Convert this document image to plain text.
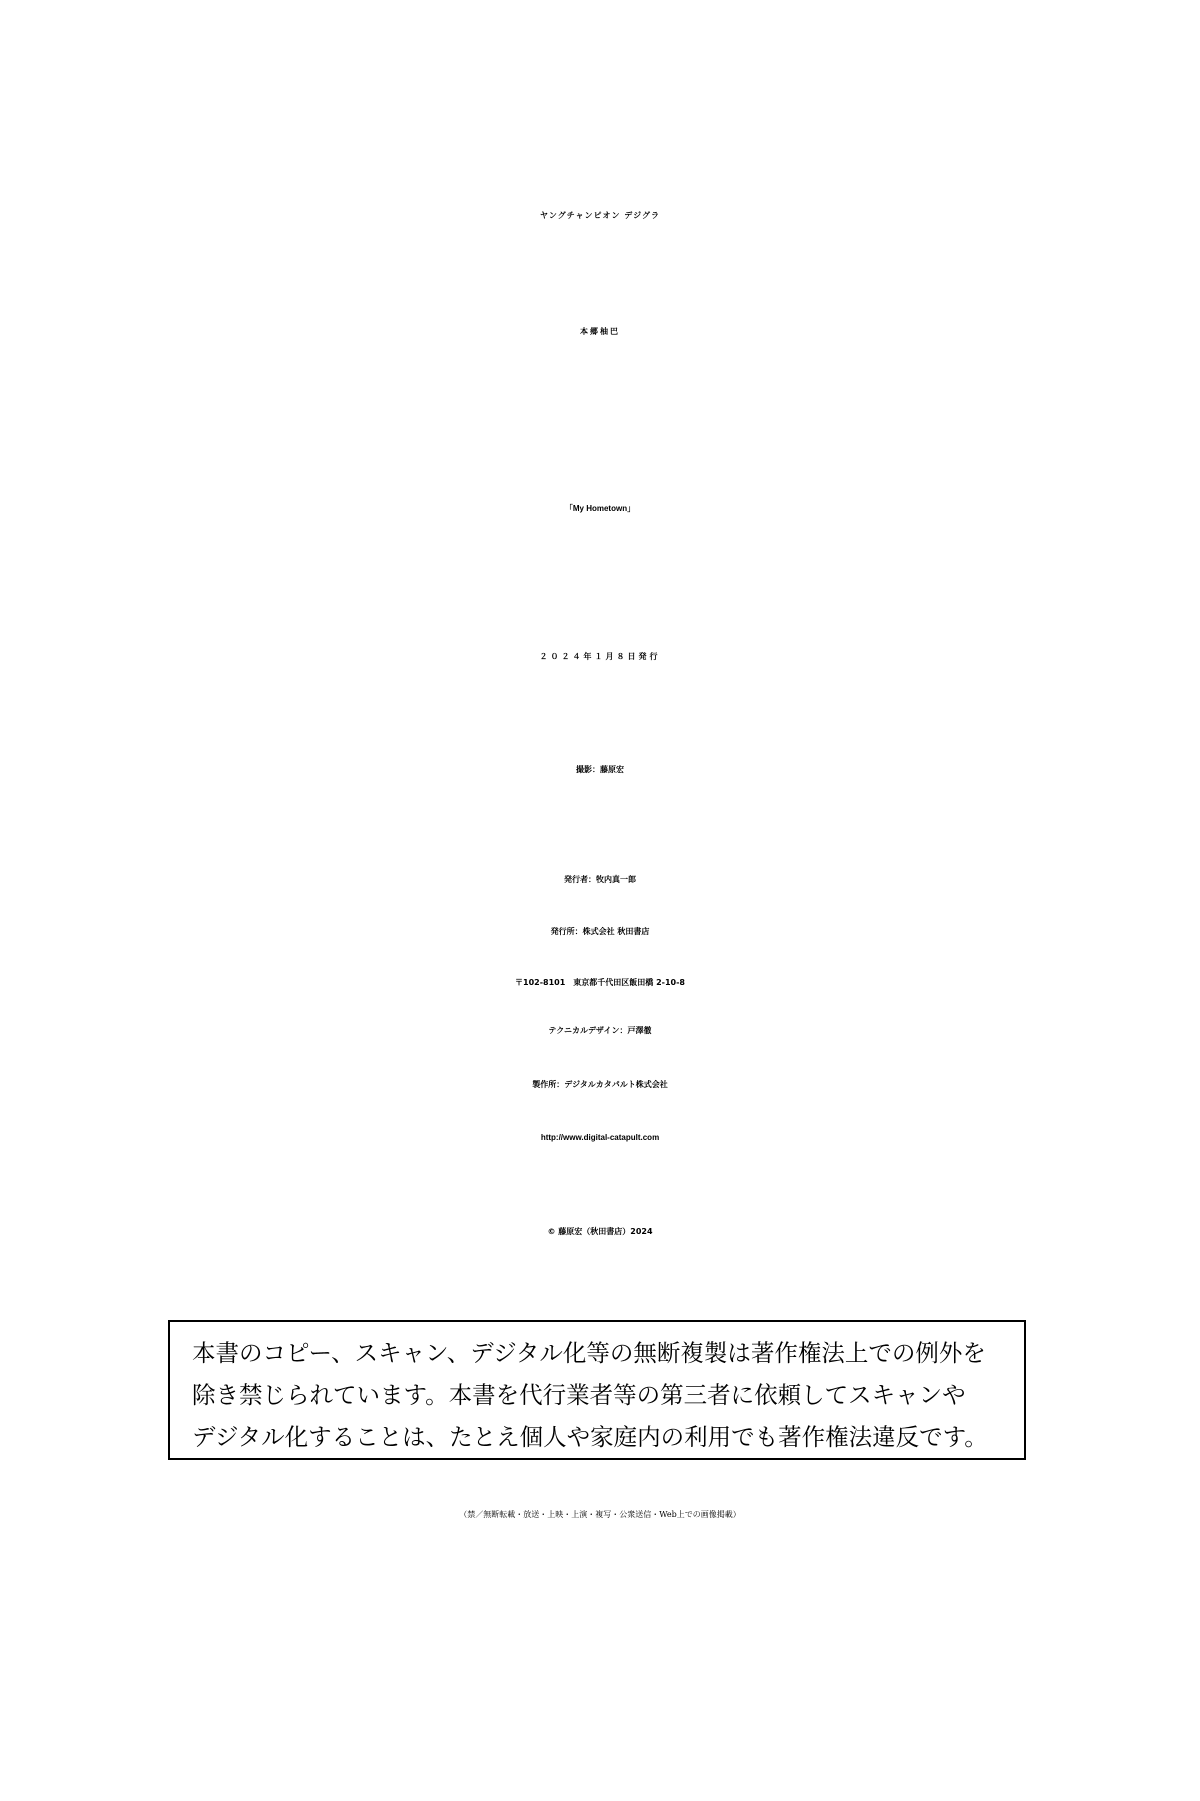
ヤングチャンピオン デジグラ
本郷柚巴
「My Hometown」
２０２４年１月８日発行
撮影：藤原宏
発行者：牧内真一郎
発行所：株式会社 秋田書店
〒102-8101　東京都千代田区飯田橋 2-10-8
テクニカルデザイン：戸澤徹
製作所：デジタルカタパルト株式会社
http://www.digital-catapult.com
© 藤原宏（秋田書店）2024
本書のコピー、スキャン、デジタル化等の無断複製は著作権法上での例外を
除き禁じられています。本書を代行業者等の第三者に依頼してスキャンや
デジタル化することは、たとえ個人や家庭内の利用でも著作権法違反です。
（禁／無断転載・放送・上映・上演・複写・公衆送信・Web上での画像掲載）
